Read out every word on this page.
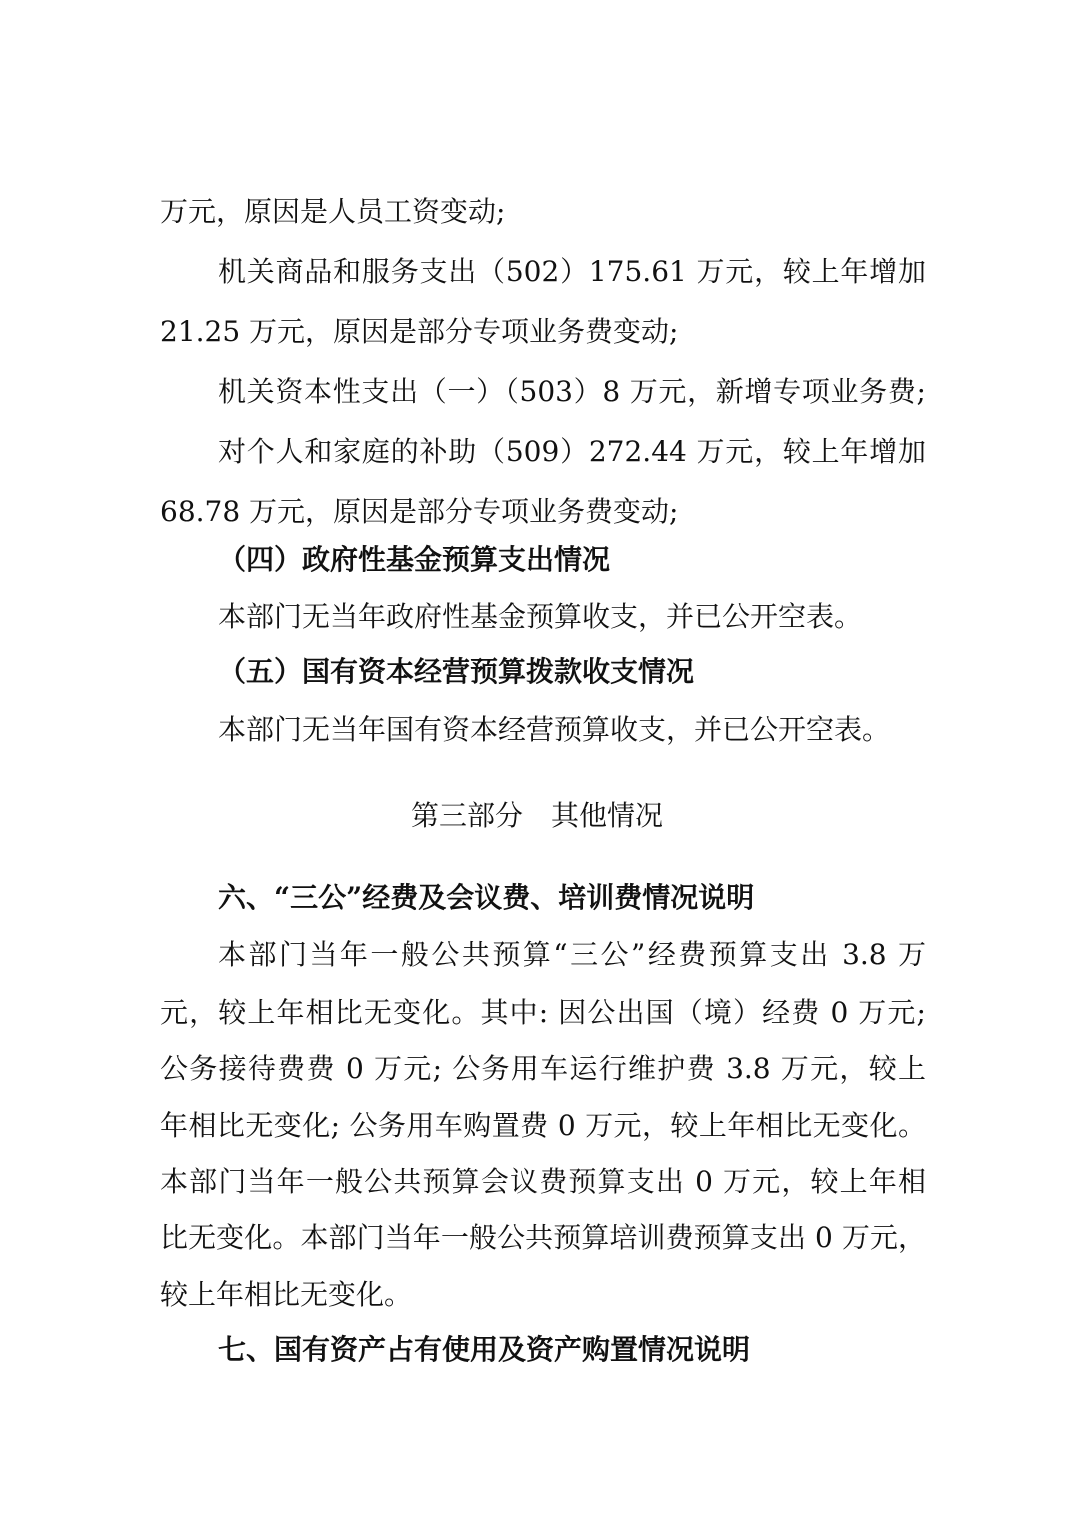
万元，原因是人员工资变动;
机关商品和服务支出（502）175.61 万元，较上年增加
21.25 万元，原因是部分专项业务费变动;
机关资本性支出（一）（503）8 万元，新增专项业务费;
对个人和家庭的补助（509）272.44 万元，较上年增加
68.78 万元，原因是部分专项业务费变动;
（四）政府性基金预算支出情况
本部门无当年政府性基金预算收支，并已公开空表。
（五）国有资本经营预算拨款收支情况
本部门无当年国有资本经营预算收支，并已公开空表。
第三部分　其他情况
六、“三公”经费及会议费、培训费情况说明
本部门当年一般公共预算“三公”经费预算支出 3.8 万
元，较上年相比无变化。其中: 因公出国（境）经费 0 万元;
公务接待费费 0 万元; 公务用车运行维护费 3.8 万元，较上
年相比无变化; 公务用车购置费 0 万元，较上年相比无变化。
本部门当年一般公共预算会议费预算支出 0 万元，较上年相
比无变化。本部门当年一般公共预算培训费预算支出 0 万元，
较上年相比无变化。
七、国有资产占有使用及资产购置情况说明
